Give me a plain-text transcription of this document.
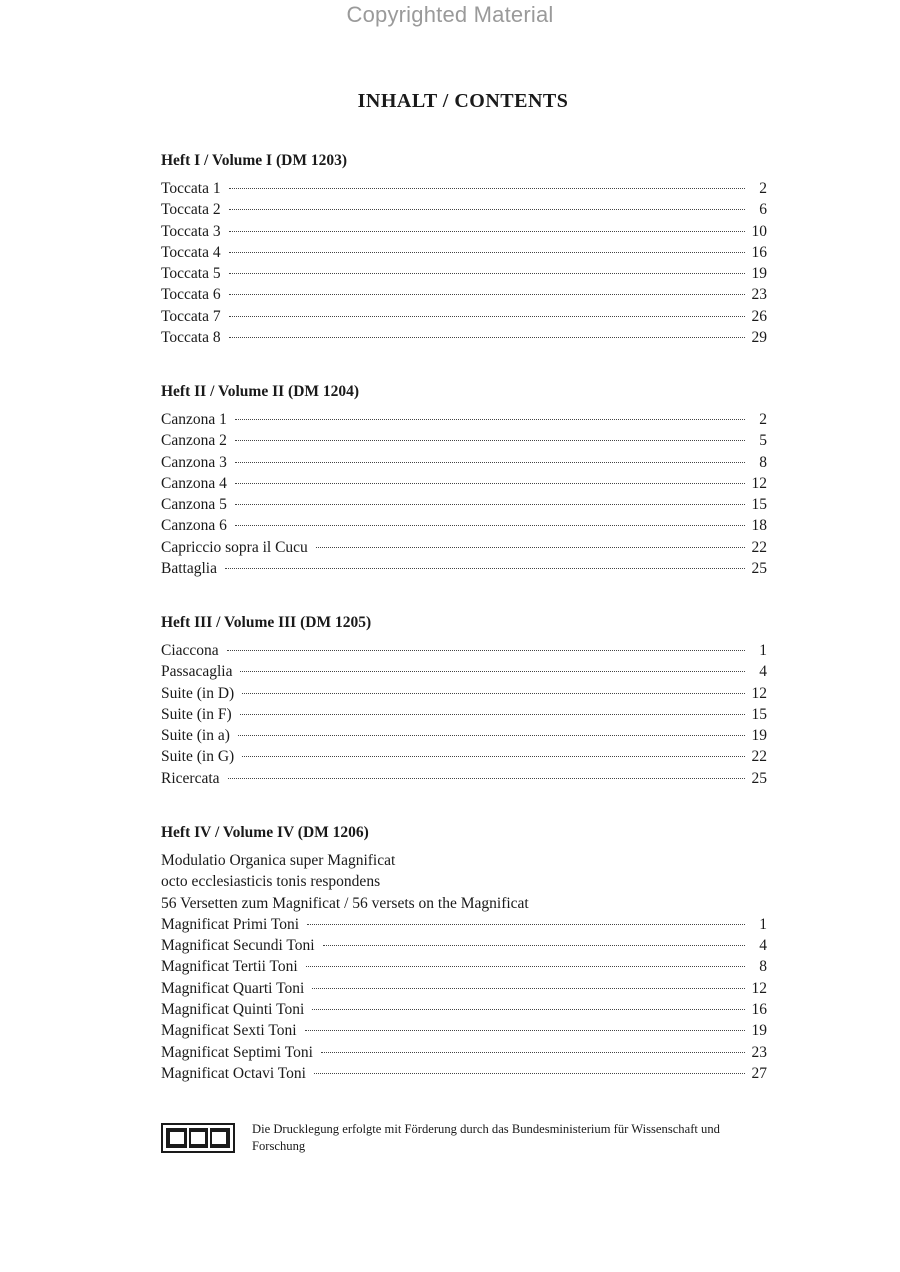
Copyrighted Material
INHALT / CONTENTS
Heft I / Volume I (DM 1203)
Toccata 1	2
Toccata 2	6
Toccata 3	10
Toccata 4	16
Toccata 5	19
Toccata 6	23
Toccata 7	26
Toccata 8	29
Heft II / Volume II (DM 1204)
Canzona 1	2
Canzona 2	5
Canzona 3	8
Canzona 4	12
Canzona 5	15
Canzona 6	18
Capriccio sopra il Cucu	22
Battaglia	25
Heft III / Volume III (DM 1205)
Ciaccona	1
Passacaglia	4
Suite (in D)	12
Suite (in F)	15
Suite (in a)	19
Suite (in G)	22
Ricercata	25
Heft IV / Volume IV (DM 1206)
Modulatio Organica super Magnificat
octo ecclesiasticis tonis respondens
56 Versetten zum Magnificat / 56 versets on the Magnificat
Magnificat Primi Toni	1
Magnificat Secundi Toni	4
Magnificat Tertii Toni	8
Magnificat Quarti Toni	12
Magnificat Quinti Toni	16
Magnificat Sexti Toni	19
Magnificat Septimi Toni	23
Magnificat Octavi Toni	27
Die Drucklegung erfolgte mit Förderung durch das Bundesministerium für Wissenschaft und Forschung
